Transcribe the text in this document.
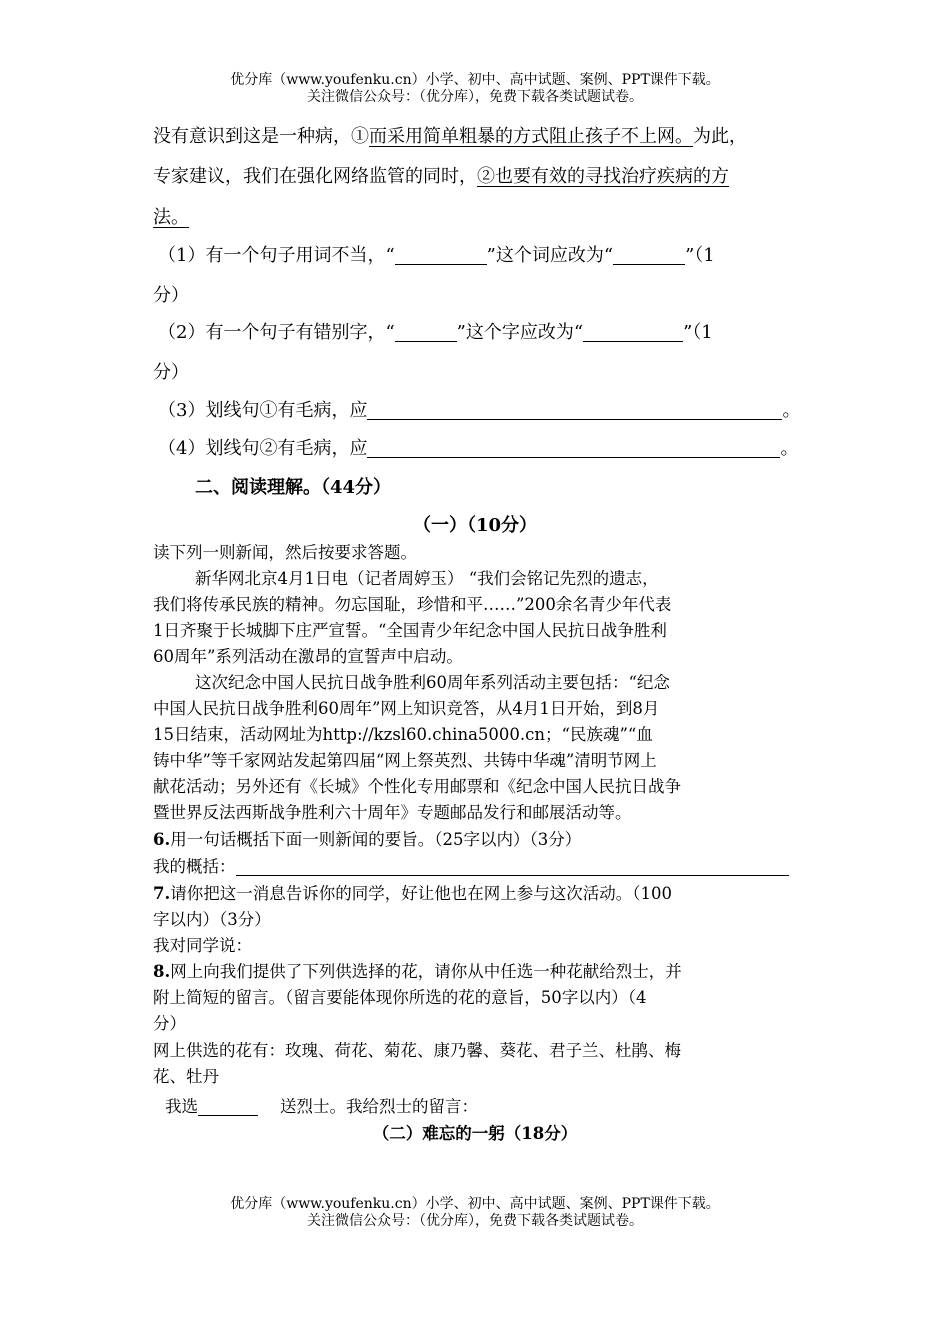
优分库（www.youfenku.cn）小学、初中、高中试题、案例、PPT课件下载。
关注微信公众号：（优分库），免费下载各类试题试卷。
没有意识到这是一种病，①而采用简单粗暴的方式阻止孩子不上网。为此，
专家建议，我们在强化网络监管的同时，②也要有效的寻找治疗疾病的方
法。
（1）有一个句子用词不当，“	”这个词应改为“	”（1
分）
（2）有一个句子有错别字，“	”这个字应改为“	”（1
分）
（3）划线句①有毛病，应	。
（4）划线句②有毛病，应	。
二、阅读理解。（44分）
（一）（10分）
读下列一则新闻，然后按要求答题。
新华网北京4月1日电（记者周婷玉） “我们会铭记先烈的遗志，
我们将传承民族的精神。勿忘国耻，珍惜和平……”200余名青少年代表
1日齐聚于长城脚下庄严宣誓。“全国青少年纪念中国人民抗日战争胜利
60周年”系列活动在激昂的宣誓声中启动。
这次纪念中国人民抗日战争胜利60周年系列活动主要包括：“纪念
中国人民抗日战争胜利60周年”网上知识竞答，从4月1日开始，到8月
15日结束，活动网址为http://kzsl60.china5000.cn；“民族魂”“血
铸中华”等千家网站发起第四届“网上祭英烈、共铸中华魂”清明节网上
献花活动；另外还有《长城》个性化专用邮票和《纪念中国人民抗日战争
暨世界反法西斯战争胜利六十周年》专题邮品发行和邮展活动等。
6.用一句话概括下面一则新闻的要旨。（25字以内）（3分）
我的概括：
7.请你把这一消息告诉你的同学，好让他也在网上参与这次活动。（100
字以内）（3分）
我对同学说：
8.网上向我们提供了下列供选择的花，请你从中任选一种花献给烈士，并
附上简短的留言。（留言要能体现你所选的花的意旨，50字以内）（4
分）
网上供选的花有：玫瑰、荷花、菊花、康乃馨、葵花、君子兰、杜鹃、梅
花、牡丹
我选	送烈士。我给烈士的留言：
（二）难忘的一躬（18分）
优分库（www.youfenku.cn）小学、初中、高中试题、案例、PPT课件下载。
关注微信公众号：（优分库），免费下载各类试题试卷。
